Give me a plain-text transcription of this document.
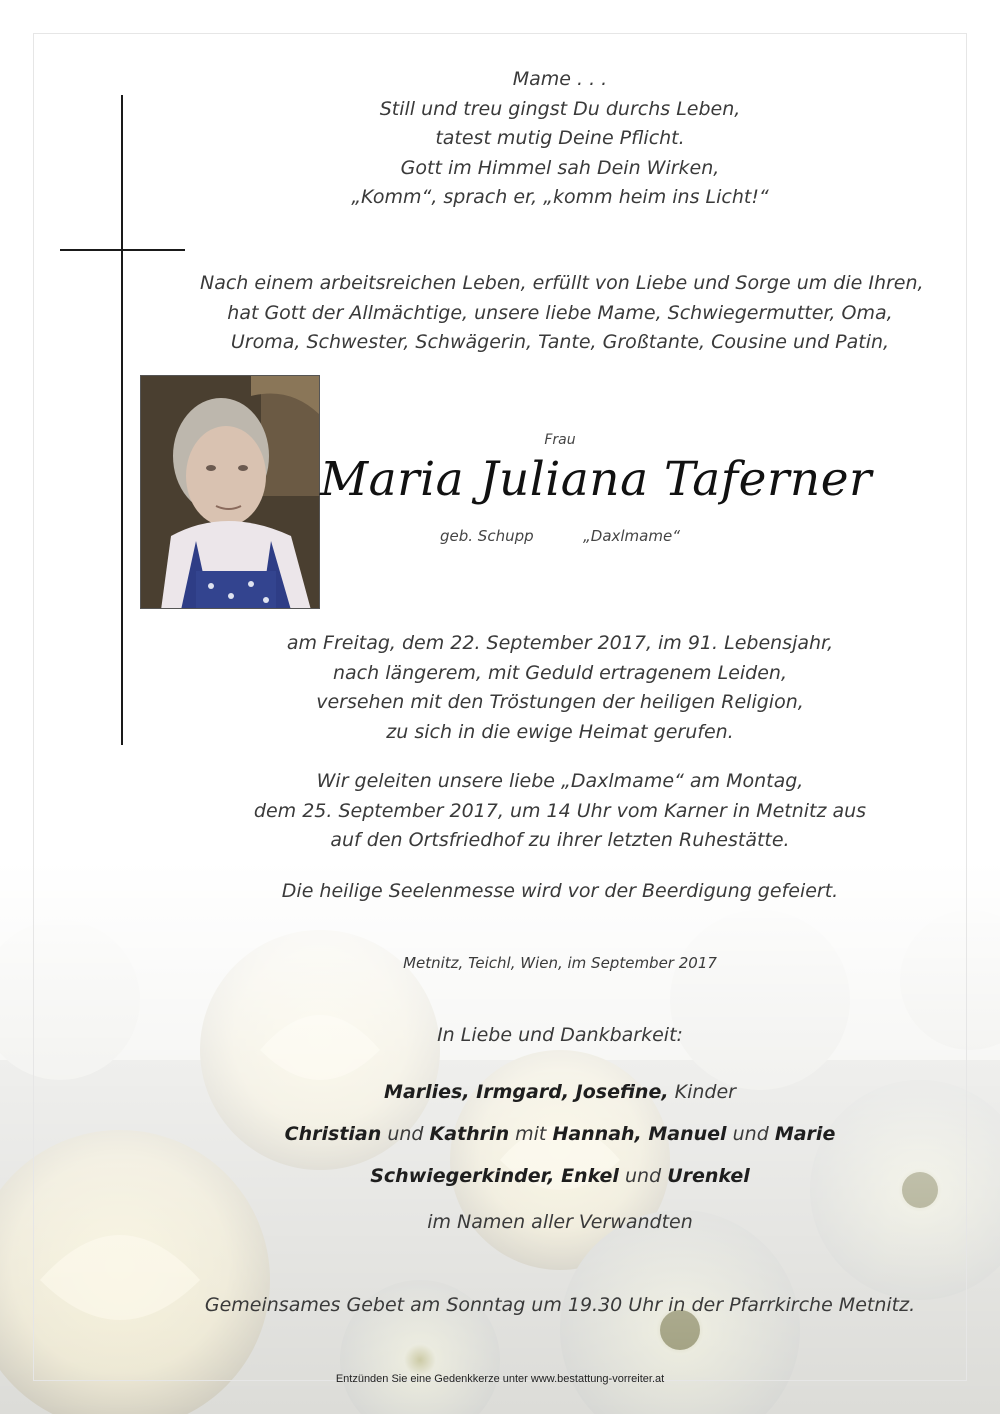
Mame . . .
Still und treu gingst Du durchs Leben,
tatest mutig Deine Pflicht.
Gott im Himmel sah Dein Wirken,
„Komm“, sprach er, „komm heim ins Licht!“
Nach einem arbeitsreichen Leben, erfüllt von Liebe und Sorge um die Ihren,
hat Gott der Allmächtige, unsere liebe Mame, Schwiegermutter, Oma,
Uroma, Schwester, Schwägerin, Tante, Großtante, Cousine und Patin,
Frau
Maria Juliana Taferner
geb. Schupp	„Daxlmame“
am Freitag, dem 22. September 2017, im 91. Lebensjahr,
nach längerem, mit Geduld ertragenem Leiden,
versehen mit den Tröstungen der heiligen Religion,
zu sich in die ewige Heimat gerufen.
Wir geleiten unsere liebe „Daxlmame“ am Montag,
dem 25. September 2017, um 14 Uhr vom Karner in Metnitz aus
auf den Ortsfriedhof zu ihrer letzten Ruhestätte.
Die heilige Seelenmesse wird vor der Beerdigung gefeiert.
Metnitz, Teichl, Wien, im September 2017
In Liebe und Dankbarkeit:
Marlies, Irmgard, Josefine, Kinder
Christian und Kathrin mit Hannah, Manuel und Marie
Schwiegerkinder, Enkel und Urenkel
im Namen aller Verwandten
Gemeinsames Gebet am Sonntag um 19.30 Uhr in der Pfarrkirche Metnitz.
Entzünden Sie eine Gedenkkerze unter www.bestattung-vorreiter.at
